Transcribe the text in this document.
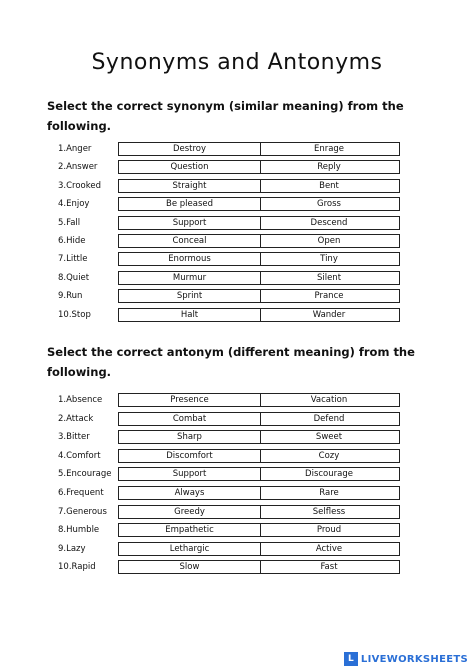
Synonyms and Antonyms
Select the correct synonym (similar meaning) from the following.
1.Anger	Destroy	Enrage
2.Answer	Question	Reply
3.Crooked	Straight	Bent
4.Enjoy	Be pleased	Gross
5.Fall	Support	Descend
6.Hide	Conceal	Open
7.Little	Enormous	Tiny
8.Quiet	Murmur	Silent
9.Run	Sprint	Prance
10.Stop	Halt	Wander
Select the correct antonym (different meaning) from the following.
1.Absence	Presence	Vacation
2.Attack	Combat	Defend
3.Bitter	Sharp	Sweet
4.Comfort	Discomfort	Cozy
5.Encourage	Support	Discourage
6.Frequent	Always	Rare
7.Generous	Greedy	Selfless
8.Humble	Empathetic	Proud
9.Lazy	Lethargic	Active
10.Rapid	Slow	Fast
L LIVEWORKSHEETS
